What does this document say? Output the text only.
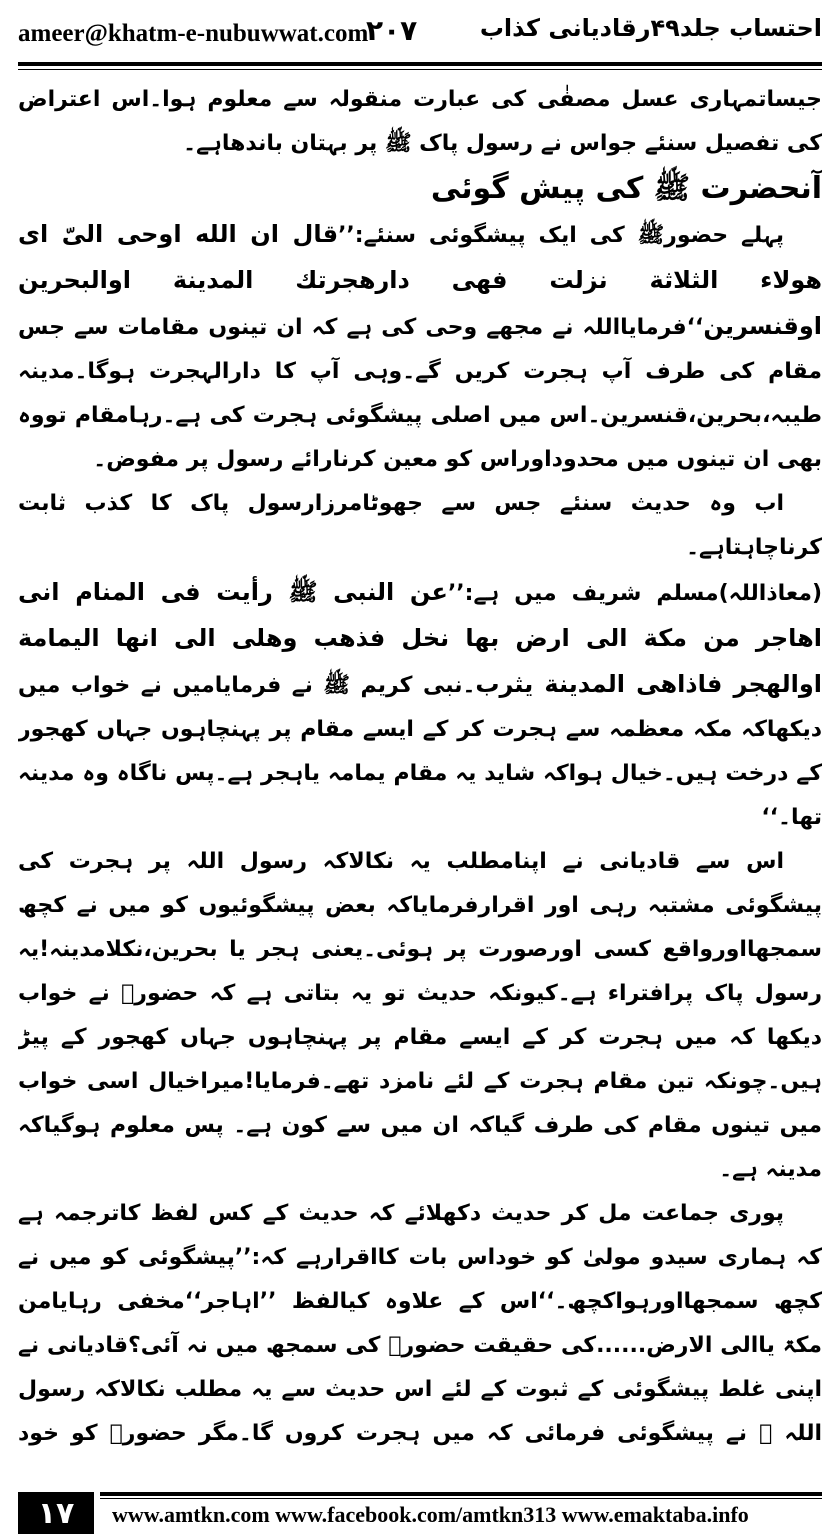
ameer@khatm-e-nubuwwat.com
۲۰۷	احتساب جلد۴۹رقادیانی کذاب

جیساتمہاری عسل مصفٰی کی عبارت منقولہ سے معلوم ہوا۔اس اعتراض کی تفصیل سنئے جواس نے رسول پاک ﷺ پر بہتان باندھاہے۔

آنحضرت ﷺ کی پیش گوئی

پہلے حضورﷺ کی ایک پیشگوئی سنئے:’’قال ان الله اوحى الىّ اى هولاء الثلاثة نزلت فهى دارهجرتك المدينة اوالبحرين اوقنسرين‘‘فرمایااللہ نے مجھے وحی کی ہے کہ ان تینوں مقامات سے جس مقام کی طرف آپ ہجرت کریں گے۔وہی آپ کا دارالہجرت ہوگا۔مدینہ طیبہ،بحرین،قنسرین۔اس میں اصلی پیشگوئی ہجرت کی ہے۔رہامقام تووہ بھی ان تینوں میں محدوداوراس کو معین کرنارائے رسول پر مفوض۔

اب وہ حدیث سنئے جس سے جھوٹامرزارسول پاک کا کذب ثابت کرناچاہتاہے۔

(معاذاللہ)مسلم شریف میں ہے:’’عن النبى ﷺ رأيت فى المنام انى اهاجر من مكة الى ارض بها نخل فذهب وهلى الى انها اليمامة اوالهجر فاذاهى المدينة يثرب۔نبی کریم ﷺ نے فرمایامیں نے خواب میں دیکھاکہ مکہ معظمہ سے ہجرت کر کے ایسے مقام پر پہنچاہوں جہاں کھجور کے درخت ہیں۔خیال ہواکہ شاید یہ مقام یمامہ یاہجر ہے۔پس ناگاہ وہ مدینہ تھا۔‘‘

اس سے قادیانی نے اپنامطلب یہ نکالاکہ رسول اللہ پر ہجرت کی پیشگوئی مشتبہ رہی اور اقرارفرمایاکہ بعض پیشگوئیوں کو میں نے کچھ سمجھااورواقع کسی اورصورت پر ہوئی۔یعنی ہجر یا بحرین،نکلامدینہ!یہ رسول پاک پرافتراء ہے۔کیونکہ حدیث تو یہ بتاتی ہے کہ حضورؐ نے خواب دیکھا کہ میں ہجرت کر کے ایسے مقام پر پہنچاہوں جہاں کھجور کے پیڑ ہیں۔چونکہ تین مقام ہجرت کے لئے نامزد تھے۔فرمایا!میراخیال اسی خواب میں تینوں مقام کی طرف گیاکہ ان میں سے کون ہے۔ پس معلوم ہوگیاکہ مدینہ ہے۔

پوری جماعت مل کر حدیث دکھلائے کہ حدیث کے کس لفظ کاترجمہ ہے کہ ہماری سیدو مولیٰ کو خوداس بات کااقرارہے کہ:’’پیشگوئی کو میں نے کچھ سمجھااورہواکچھ۔‘‘اس کے علاوہ کیالفظ ’’اہاجر‘‘مخفی رہایامن مکۃ یاالی الارض......کی حقیقت حضورؐ کی سمجھ میں نہ آئی؟قادیانی نے اپنی غلط پیشگوئی کے ثبوت کے لئے اس حدیث سے یہ مطلب نکالاکہ رسول اللہ ﷺ نے پیشگوئی فرمائی کہ میں ہجرت کروں گا۔مگر حضورؐ کو خود

۱۷	www.amtkn.com www.facebook.com/amtkn313 www.emaktaba.info
